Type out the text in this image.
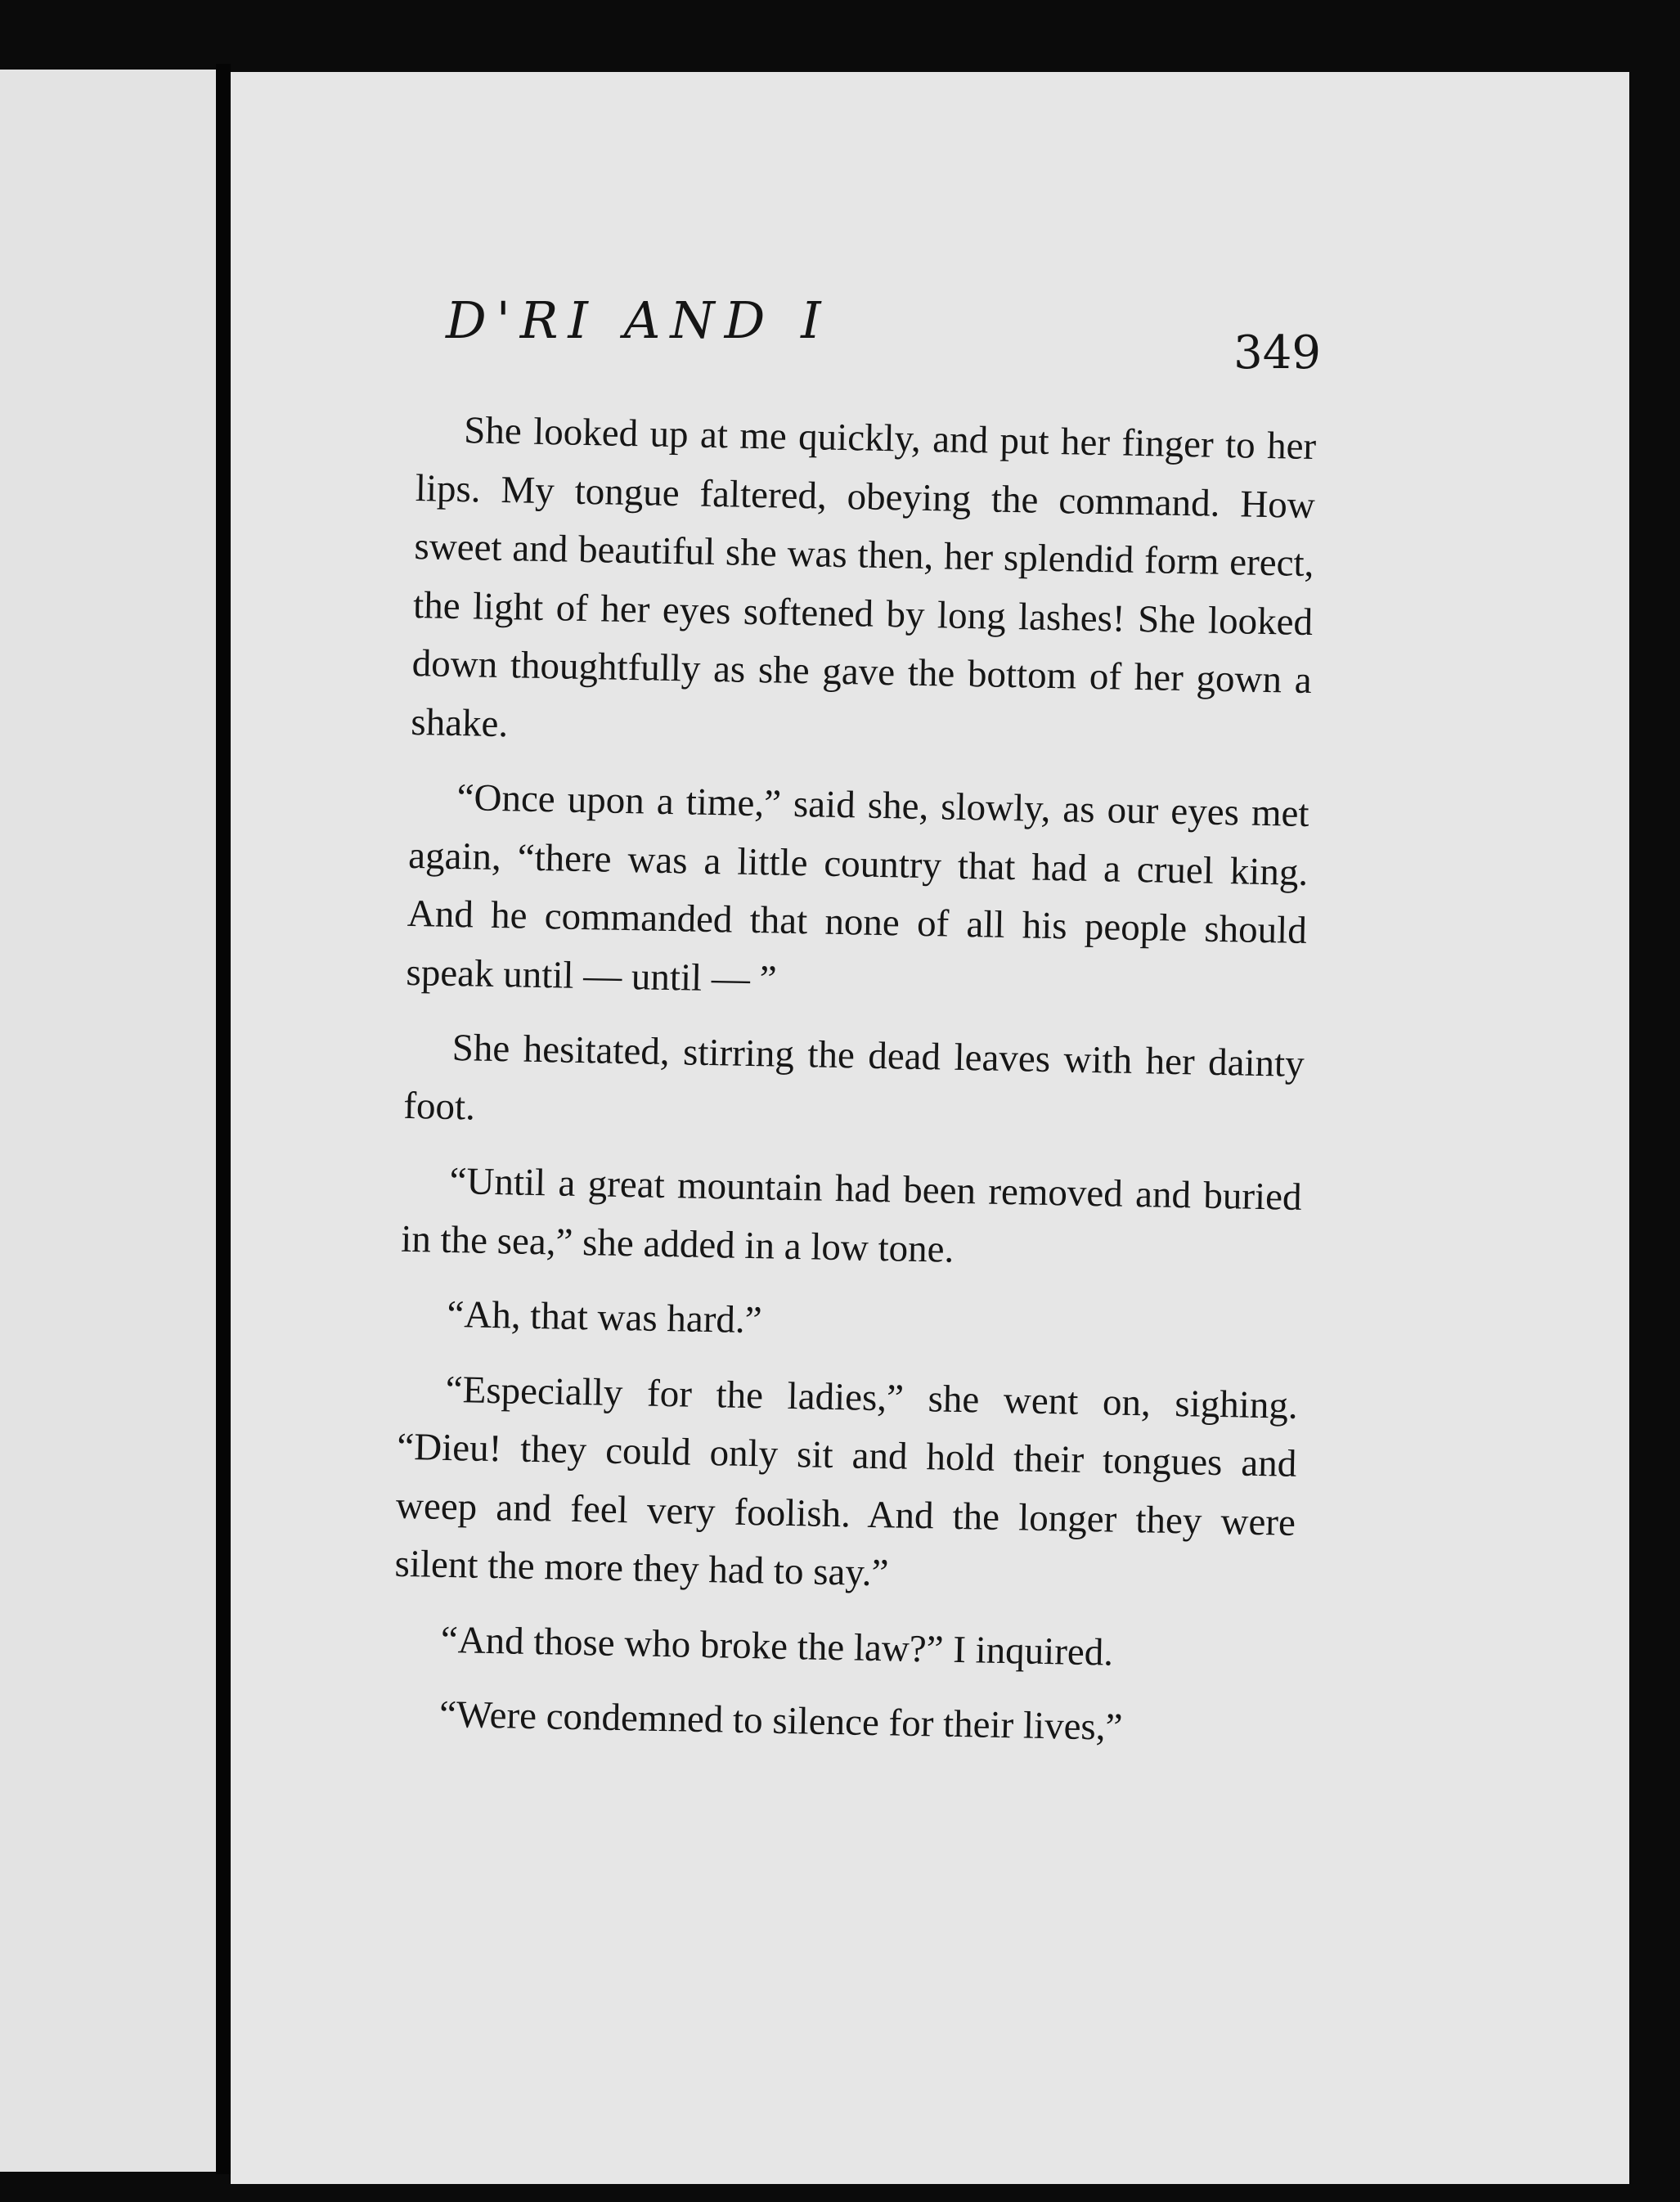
D'RI AND I
349

She looked up at me quickly, and put her finger to her lips. My tongue faltered, obeying the command. How sweet and beautiful she was then, her splendid form erect, the light of her eyes softened by long lashes! She looked down thoughtfully as she gave the bottom of her gown a shake.

“Once upon a time,” said she, slowly, as our eyes met again, “there was a little country that had a cruel king. And he commanded that none of all his people should speak until — until — ”

She hesitated, stirring the dead leaves with her dainty foot.

“Until a great mountain had been removed and buried in the sea,” she added in a low tone.

“Ah, that was hard.”

“Especially for the ladies,” she went on, sighing. “Dieu! they could only sit and hold their tongues and weep and feel very foolish. And the longer they were silent the more they had to say.”

“And those who broke the law?” I inquired.

“Were condemned to silence for their lives,”
